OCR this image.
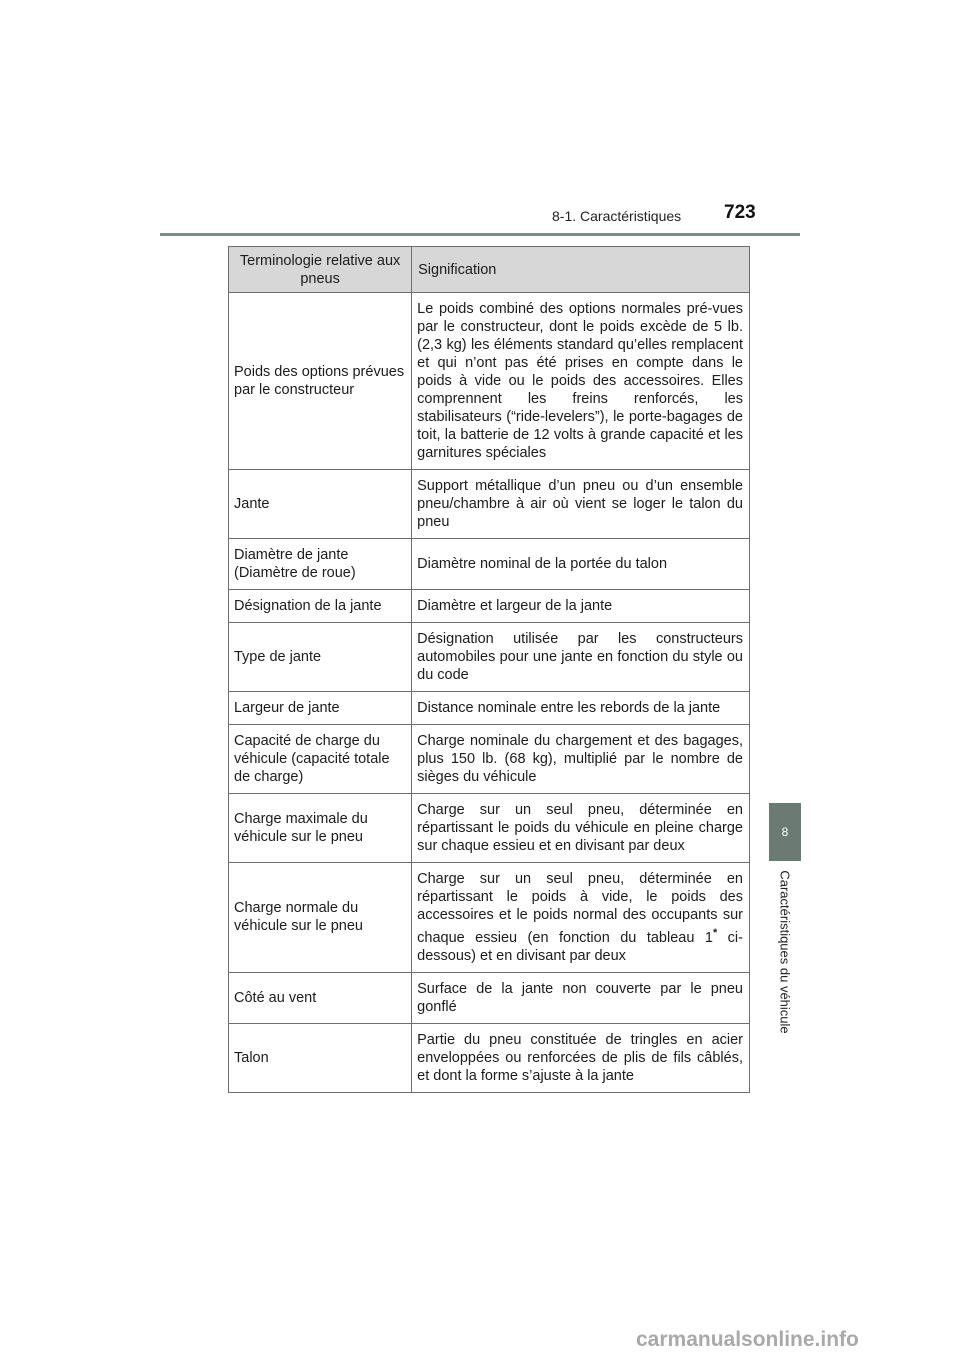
8-1. Caractéristiques 723
8
Caractéristiques du véhicule
Terminologie relative aux pneus	Signification
Poids des options prévues par le constructeur	Le poids combiné des options normales pré-vues par le constructeur, dont le poids excède de 5 lb. (2,3 kg) les éléments standard qu’elles remplacent et qui n’ont pas été prises en compte dans le poids à vide ou le poids des accessoires. Elles comprennent les freins renforcés, les stabilisateurs (“ride-levelers”), le porte-bagages de toit, la batterie de 12 volts à grande capacité et les garnitures spéciales
Jante	Support métallique d’un pneu ou d’un ensemble pneu/chambre à air où vient se loger le talon du pneu
Diamètre de jante (Diamètre de roue)	Diamètre nominal de la portée du talon
Désignation de la jante	Diamètre et largeur de la jante
Type de jante	Désignation utilisée par les constructeurs automobiles pour une jante en fonction du style ou du code
Largeur de jante	Distance nominale entre les rebords de la jante
Capacité de charge du véhicule (capacité totale de charge)	Charge nominale du chargement et des bagages, plus 150 lb. (68 kg), multiplié par le nombre de sièges du véhicule
Charge maximale du véhicule sur le pneu	Charge sur un seul pneu, déterminée en répartissant le poids du véhicule en pleine charge sur chaque essieu et en divisant par deux
Charge normale du véhicule sur le pneu	Charge sur un seul pneu, déterminée en répartissant le poids à vide, le poids des accessoires et le poids normal des occupants sur chaque essieu (en fonction du tableau 1* ci-dessous) et en divisant par deux
Côté au vent	Surface de la jante non couverte par le pneu gonflé
Talon	Partie du pneu constituée de tringles en acier enveloppées ou renforcées de plis de fils câblés, et dont la forme s’ajuste à la jante
carmanualsonline.info
